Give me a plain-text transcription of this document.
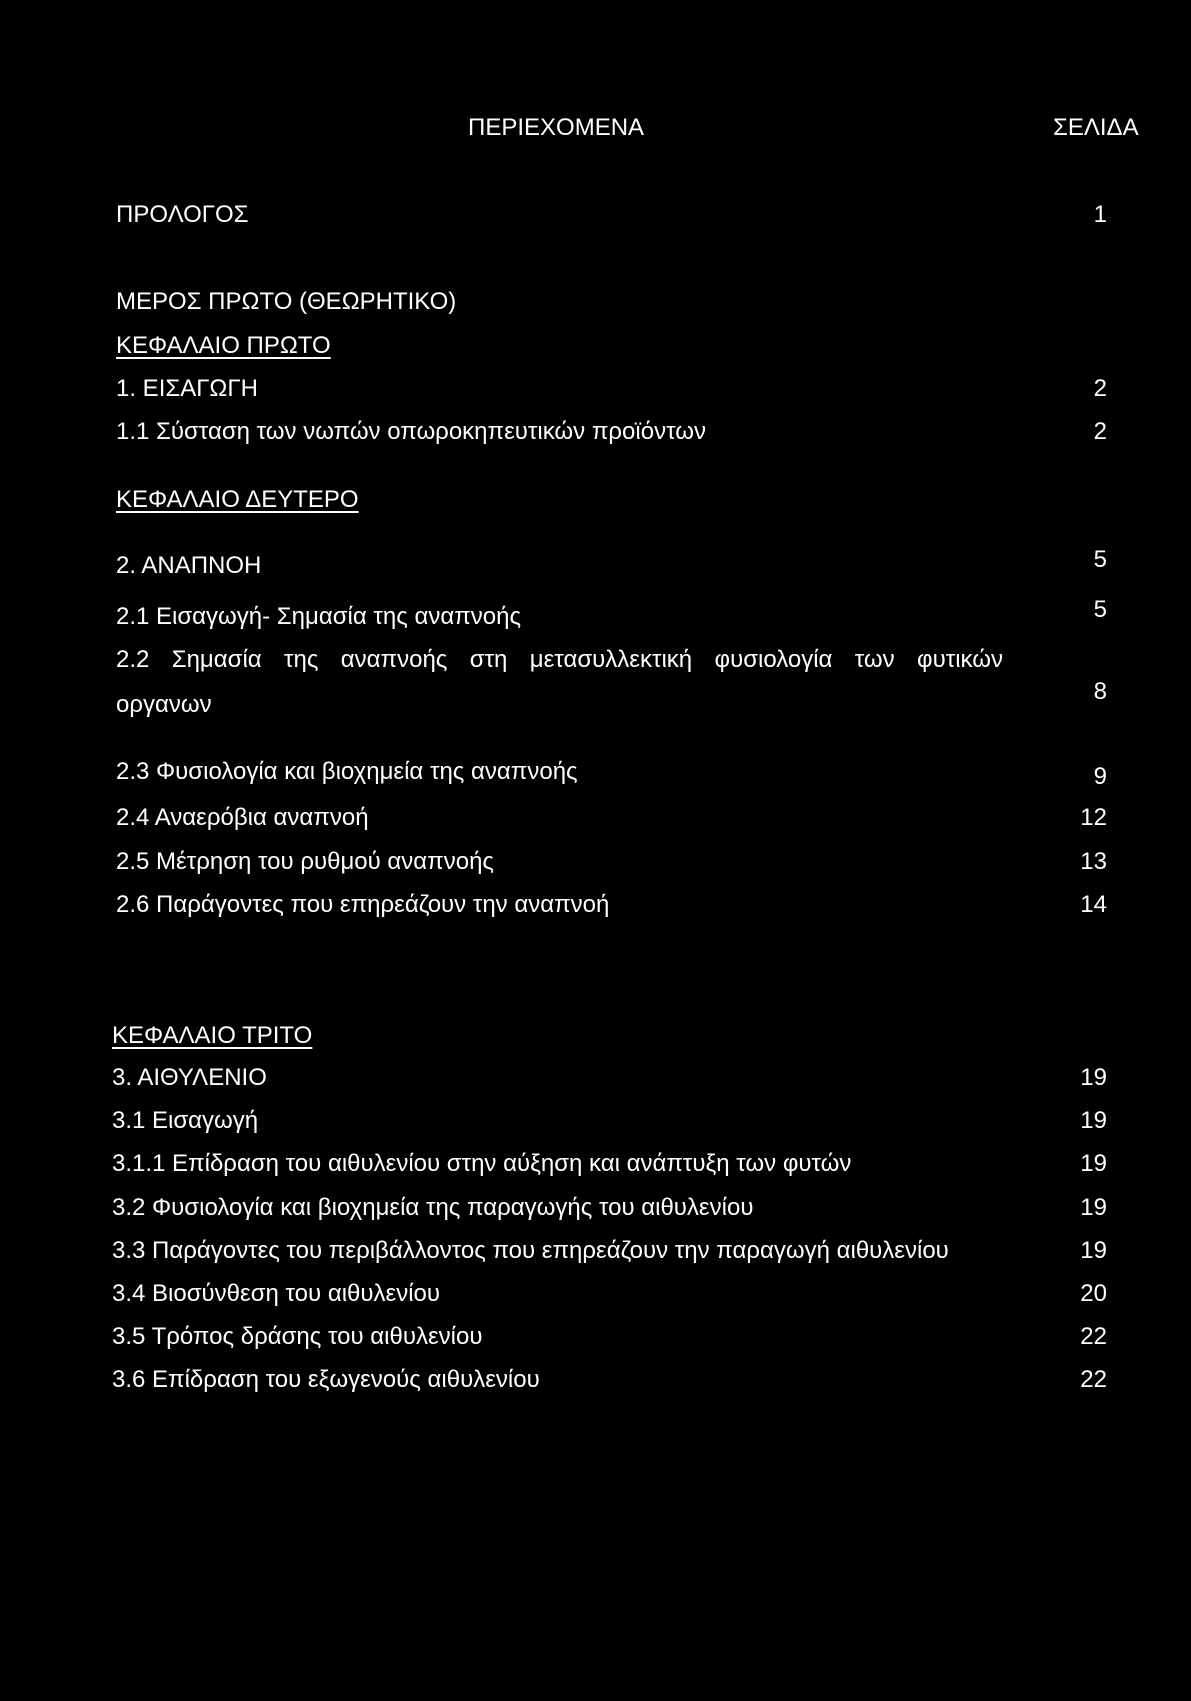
ΠΕΡΙΕΧΟΜΕΝΑ	ΣΕΛΙΔΑ
ΠΡΟΛΟΓΟΣ	1
ΜΕΡΟΣ ΠΡΩΤΟ (ΘΕΩΡΗΤΙΚΟ)
ΚΕΦΑΛΑΙΟ ΠΡΩΤΟ
1. ΕΙΣΑΓΩΓΗ	2
1.1 Σύσταση των νωπών οπωροκηπευτικών προϊόντων	2
ΚΕΦΑΛΑΙΟ ΔΕΥΤΕΡΟ
2. ΑΝΑΠΝΟΗ	5
2.1 Εισαγωγή- Σημασία της αναπνοής	5
2.2 Σημασία της αναπνοής στη μετασυλλεκτική φυσιολογία των φυτικών
οργανων	8
2.3 Φυσιολογία και βιοχημεία της αναπνοής	9
2.4 Αναερόβια αναπνοή	12
2.5 Μέτρηση του ρυθμού αναπνοής	13
2.6 Παράγοντες που επηρεάζουν την αναπνοή	14
ΚΕΦΑΛΑΙΟ ΤΡΙΤΟ
3. ΑΙΘΥΛΕΝΙΟ	19
3.1 Εισαγωγή	19
3.1.1 Επίδραση του αιθυλενίου στην αύξηση και ανάπτυξη των φυτών	19
3.2 Φυσιολογία και βιοχημεία της παραγωγής του αιθυλενίου	19
3.3 Παράγοντες του περιβάλλοντος που επηρεάζουν την παραγωγή αιθυλενίου	19
3.4 Βιοσύνθεση του αιθυλενίου	20
3.5 Τρόπος δράσης του αιθυλενίου	22
3.6 Επίδραση του εξωγενούς αιθυλενίου	22
